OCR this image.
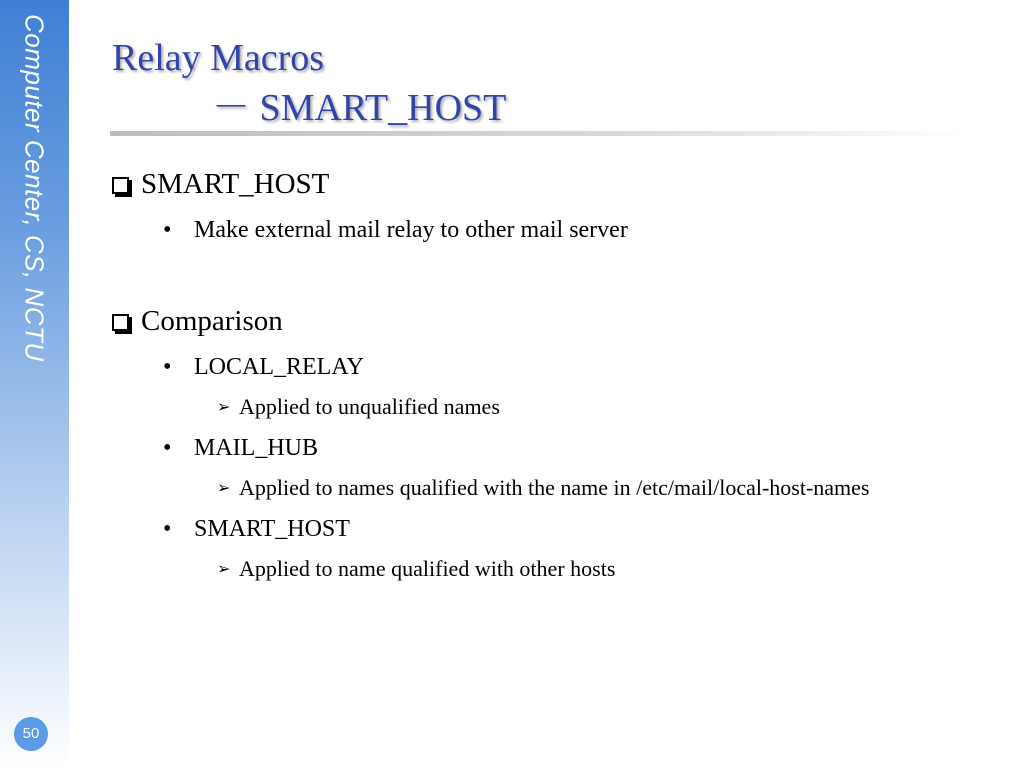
Computer Center, CS, NCTU
50
Relay Macros
－ SMART_HOST
SMART_HOST
• Make external mail relay to other mail server
Comparison
• LOCAL_RELAY
➢ Applied to unqualified names
• MAIL_HUB
➢ Applied to names qualified with the name in /etc/mail/local-host-names
• SMART_HOST
➢ Applied to name qualified with other hosts
